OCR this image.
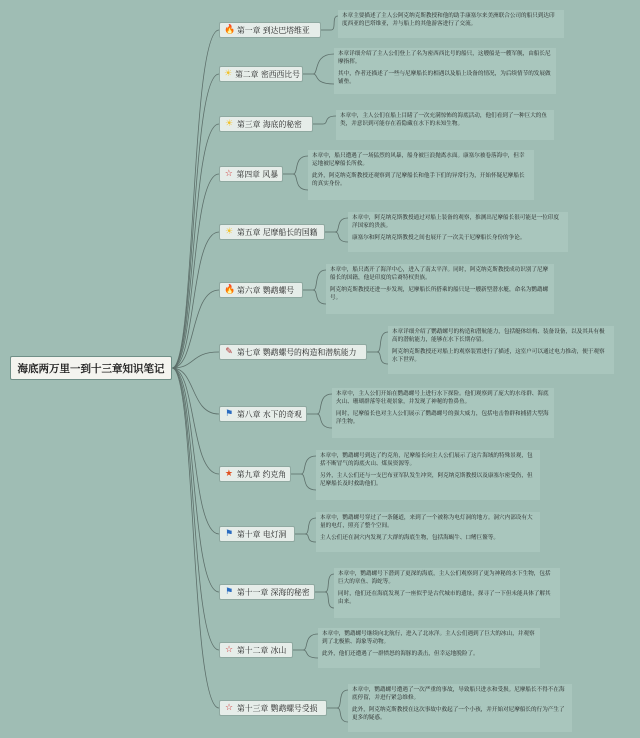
海底两万里一到十三章知识笔记
🔥 第一章 到达巴塔维亚

本章主要描述了主人公阿克纳克斯教授和他的助手康塞尔来美洲联合公司的船只到达印度西亚的巴塔维亚，并与船上的其他游客进行了交流。

☀ 第二章 密西西比号

本章详细介绍了主人公们登上了名为密西西比号的船只，这艘船是一艘军舰，由船长尼摩指挥。

其中，作者还描述了一些与尼摩船长的相遇以及船上设备的情况，为后续情节的发展做铺垫。

☀ 第三章 海底的秘密

本章中，主人公们在船上目睹了一次充满惊怖的海底活动，他们看到了一种巨大的鱼类，并意识到可能存在着隐藏在水下的未知生物。

☆ 第四章 风暴

本章中，船只遭遇了一场猛烈的风暴，船身被巨浪抛离水面。康塞尔被卷落海中，但幸运地被尼摩船长所救。

此外，阿克纳克斯教授还观察到了尼摩船长和他手下们的异常行为，开始怀疑尼摩船长的真实身份。

☀ 第五章 尼摩船长的国籍

本章中，阿克纳克斯教授通过对船上装备的观察，推测出尼摩船长很可能是一位印度洋国家的贵族。

康塞尔和阿克纳克斯教授之间也展开了一次关于尼摩船长身份的争论。

🔥 第六章 鹦鹉螺号

本章中，船只离开了海洋中心，进入了南太平洋。同时，阿克纳克斯教授成功识别了尼摩船长的国籍，他是印度的后裔特权贵族。

阿克纳克斯教授还进一步发现，尼摩船长所搭乘的船只是一艘新型潜水艇，命名为鹦鹉螺号。

✎ 第七章 鹦鹉螺号的构造和潜航能力

本章详细介绍了鹦鹉螺号的构造和潜航能力，包括艇体结构、装备设备，以及其具有极高的潜航能力，能够在水下长期存留。

阿克纳克斯教授还对船上的观察装置进行了描述，这室户可以通过电力推动，便于观察水下世界。

⚑ 第八章 水下的奇观

本章中，主人公们开始在鹦鹉螺号上进行水下探险。他们观察到了庞大的水母群、海底火山、珊瑚群落等壮观景象，并发现了神秘的鲁鼻鱼。

同时，尼摩船长也对主人公们展示了鹦鹉螺号的强大威力，包括电击鲁群和捕猎大型海洋生物。

★ 第九章 约克角

本章中，鹦鹉螺号到达了约克角，尼摩船长向主人公们展示了这片海域的特殊景观，包括不断冒气的海底火山、煤炭资源等。

另外，主人公们还与一支巴布亚军队发生冲突，阿克纳克斯教授以及康塞尔密受伤，但尼摩船长及时救助他们。

⚑ 第十章 电灯洞

本章中，鹦鹉螺号穿过了一条隧道，来到了一个被称为电灯洞的地方。洞穴内部设有大量的电灯，照亮了整个空间。

主人公们还在洞穴内发现了大群的海底生物，包括海蝎牛、口鳍巨鳌等。

⚑ 第十一章 深海的秘密

本章中，鹦鹉螺号下潜到了更深的海底，主人公们观察到了更为神秘的水下生物，包括巨大的章鱼、海蛇等。

同时，他们还在海底发现了一座似乎是古代城市的遗址，探寻了一下但未能具体了解其由来。

☆ 第十二章 冰山

本章中，鹦鹉螺号继续向北航行，进入了北冰洋。主人公们遇到了巨大的冰山，并观察到了北极熊、海象等动物。

此外，他们还遭遇了一群愤怒的海豚的袭击，但幸运地脱险了。

☆ 第十三章 鹦鹉螺号受损

本章中，鹦鹉螺号遭遇了一次严重的事故，导致船只进水和受损。尼摩船长不得不在海底停留，并进行紧急维修。

此外，阿克纳克斯教授在这次事故中救起了一个小孩，并开始对尼摩船长的行为产生了更多的疑惑。
